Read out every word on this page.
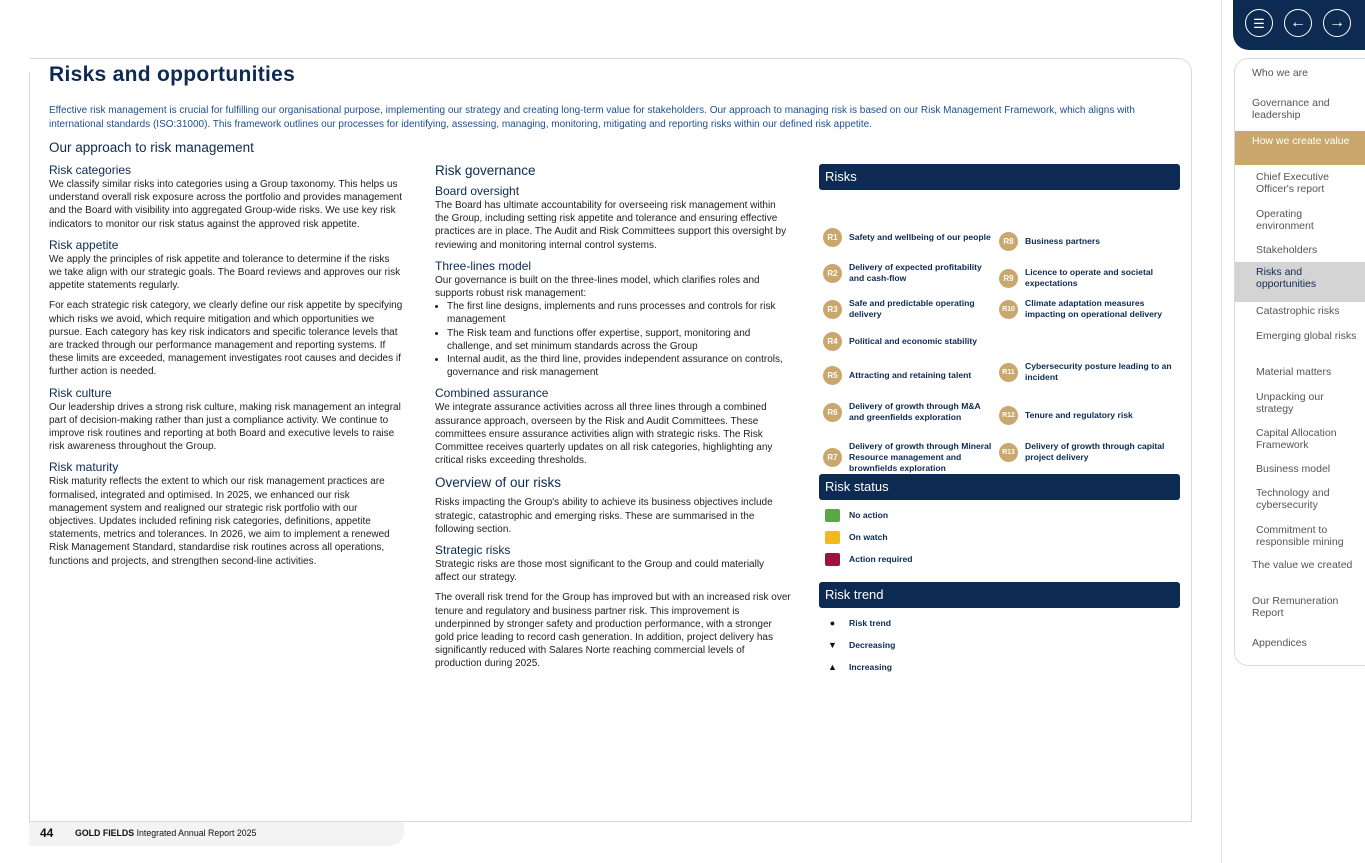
Risks and opportunities
Effective risk management is crucial for fulfilling our organisational purpose, implementing our strategy and creating long-term value for stakeholders. Our approach to managing risk is based on our Risk Management Framework, which aligns with international standards (ISO:31000). This framework outlines our processes for identifying, assessing, managing, monitoring, mitigating and reporting risks within our defined risk appetite.
Our approach to risk management
Risk categories
We classify similar risks into categories using a Group taxonomy. This helps us understand overall risk exposure across the portfolio and provides management and the Board with visibility into aggregated Group-wide risks. We use key risk indicators to monitor our risk status against the approved risk appetite.
Risk appetite
We apply the principles of risk appetite and tolerance to determine if the risks we take align with our strategic goals. The Board reviews and approves our risk appetite statements regularly.
For each strategic risk category, we clearly define our risk appetite by specifying which risks we avoid, which require mitigation and which opportunities we pursue. Each category has key risk indicators and specific tolerance levels that are tracked through our performance management and reporting systems. If these limits are exceeded, management investigates root causes and decides if further action is needed.
Risk culture
Our leadership drives a strong risk culture, making risk management an integral part of decision-making rather than just a compliance activity. We continue to improve risk routines and reporting at both Board and executive levels to raise risk awareness throughout the Group.
Risk maturity
Risk maturity reflects the extent to which our risk management practices are formalised, integrated and optimised. In 2025, we enhanced our risk management system and realigned our strategic risk portfolio with our objectives. Updates included refining risk categories, definitions, appetite statements, metrics and tolerances. In 2026, we aim to implement a renewed Risk Management Standard, standardise risk routines across all operations, functions and projects, and strengthen second-line activities.
Risk governance
Board oversight
The Board has ultimate accountability for overseeing risk management within the Group, including setting risk appetite and tolerance and ensuring effective practices are in place. The Audit and Risk Committees support this oversight by reviewing and monitoring internal control systems.
Three-lines model
Our governance is built on the three-lines model, which clarifies roles and supports robust risk management:
• The first line designs, implements and runs processes and controls for risk management
• The Risk team and functions offer expertise, support, monitoring and challenge, and set minimum standards across the Group
• Internal audit, as the third line, provides independent assurance on controls, governance and risk management
Combined assurance
We integrate assurance activities across all three lines through a combined assurance approach, overseen by the Risk and Audit Committees. These committees ensure assurance activities align with strategic risks. The Risk Committee receives quarterly updates on all risk categories, highlighting any critical risks exceeding thresholds.
Overview of our risks
Risks impacting the Group's ability to achieve its business objectives include strategic, catastrophic and emerging risks. These are summarised in the following section.
Strategic risks
Strategic risks are those most significant to the Group and could materially affect our strategy.
The overall risk trend for the Group has improved but with an increased risk over tenure and regulatory and business partner risk. This improvement is underpinned by stronger safety and production performance, with a stronger gold price leading to record cash generation. In addition, project delivery has significantly reduced with Salares Norte reaching commercial levels of production during 2025.
Risks
R1	Safety and wellbeing of our people
R2
Delivery of expected profitability and cash-flow
R3
Safe and predictable operating delivery
R4	Political and economic stability
R5	Attracting and retaining talent
R6
Delivery of growth through M&A and greenfields exploration
R7
Delivery of growth through Mineral Resource management and brownfields exploration
R8	Business partners
R9
Licence to operate and societal expectations
R10
Climate adaptation measures impacting on operational delivery
R11
Cybersecurity posture leading to an incident
R12	Tenure and regulatory risk
R13
Delivery of growth through capital project delivery
Risk status
No action
On watch
Action required
Risk trend
●	Risk trend
▼	Decreasing
▲	Increasing
44 GOLD FIELDS Integrated Annual Report 2025
☰ ← →
Who we are
Governance and leadership
How we create value
Chief Executive Officer's report
Operating environment
Stakeholders
Risks and opportunities
Catastrophic risks
Emerging global risks
Material matters
Unpacking our strategy
Capital Allocation Framework
Business model
Technology and cybersecurity
Commitment to responsible mining
The value we created
Our Remuneration Report
Appendices
